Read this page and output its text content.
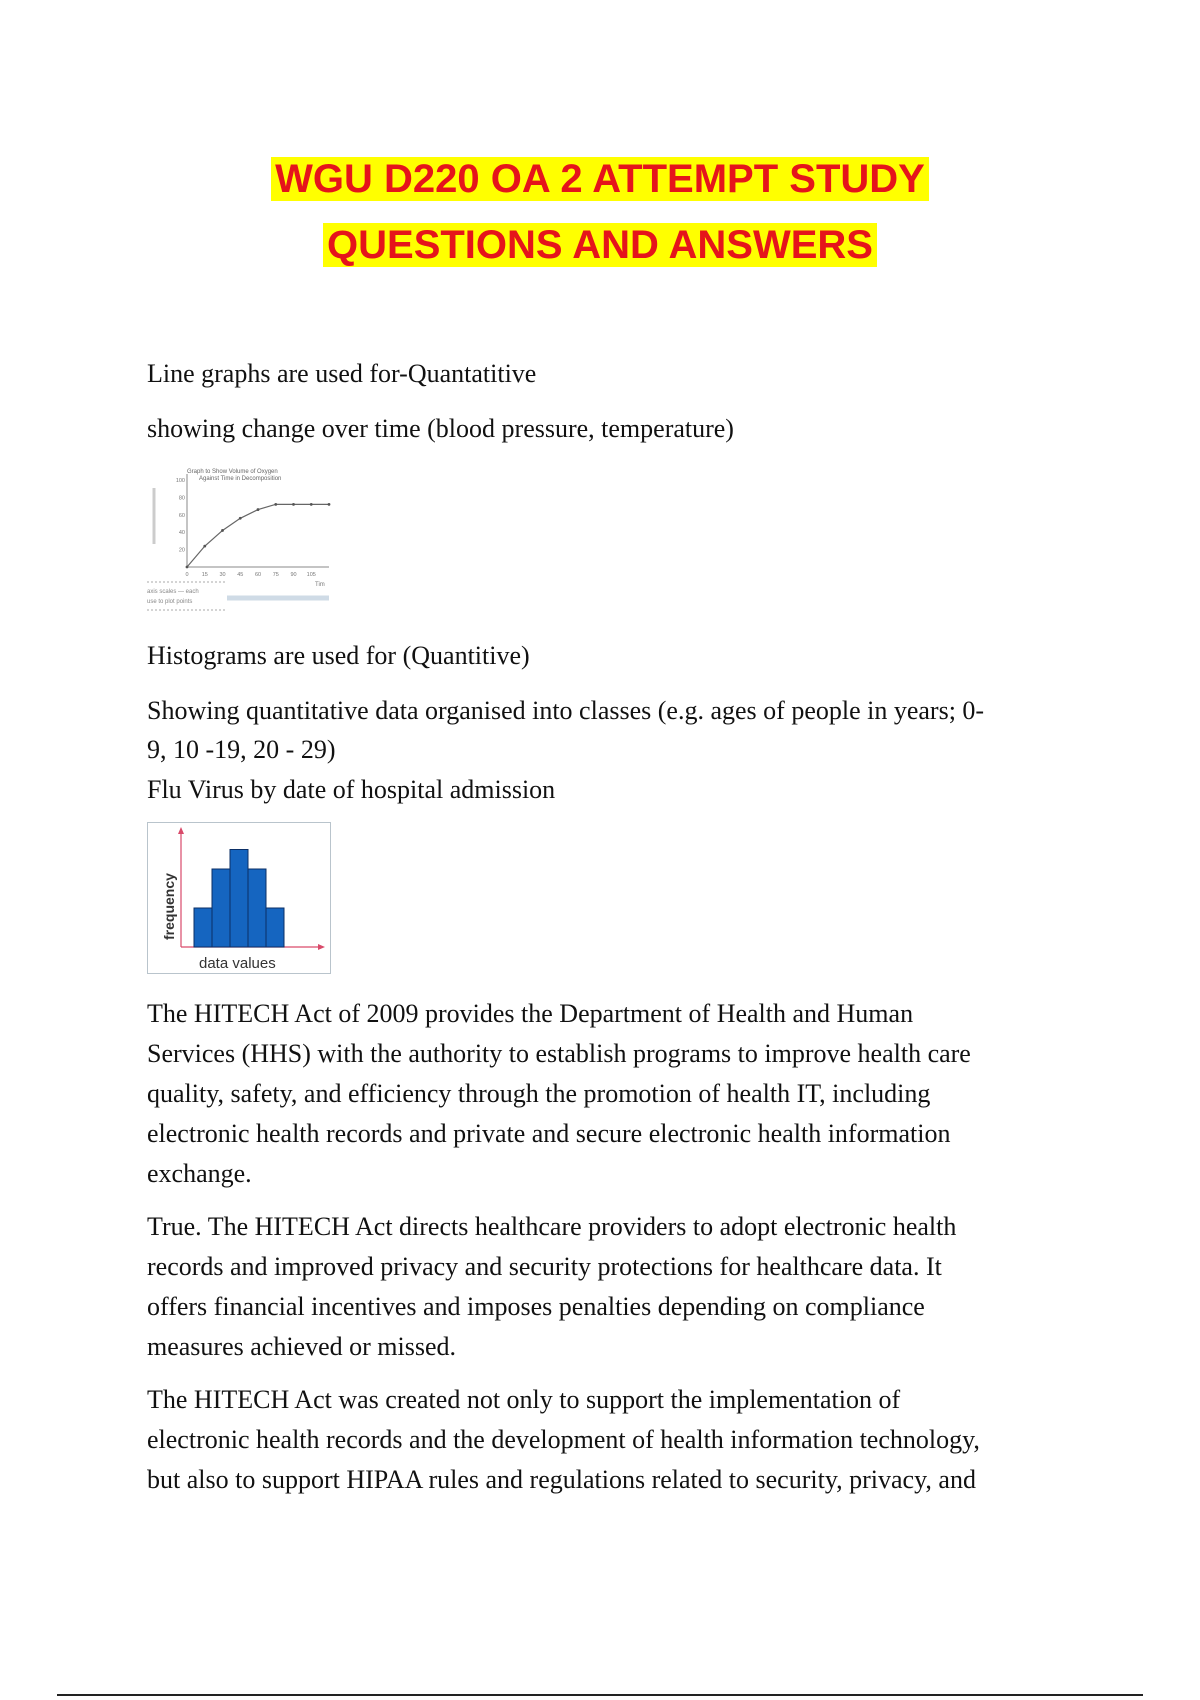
WGU D220 OA 2 ATTEMPT STUDY
QUESTIONS AND ANSWERS
Line graphs are used for-Quantatitive
showing change over time (blood pressure, temperature)
Graph to Show Volume of Oxygen
Against Time in Decomposition
100
80
60
40
20
0 15 30 45 60 75 90 105
Tim
axis scales — each
use to plot points
Histograms are used for (Quantitive)
Showing quantitative data organised into classes (e.g. ages of people in years; 0-
9, 10 -19, 20 - 29)
Flu Virus by date of hospital admission
frequency
data values
The HITECH Act of 2009 provides the Department of Health and Human
Services (HHS) with the authority to establish programs to improve health care
quality, safety, and efficiency through the promotion of health IT, including
electronic health records and private and secure electronic health information
exchange.
True. The HITECH Act directs healthcare providers to adopt electronic health
records and improved privacy and security protections for healthcare data. It
offers financial incentives and imposes penalties depending on compliance
measures achieved or missed.
The HITECH Act was created not only to support the implementation of
electronic health records and the development of health information technology,
but also to support HIPAA rules and regulations related to security, privacy, and
